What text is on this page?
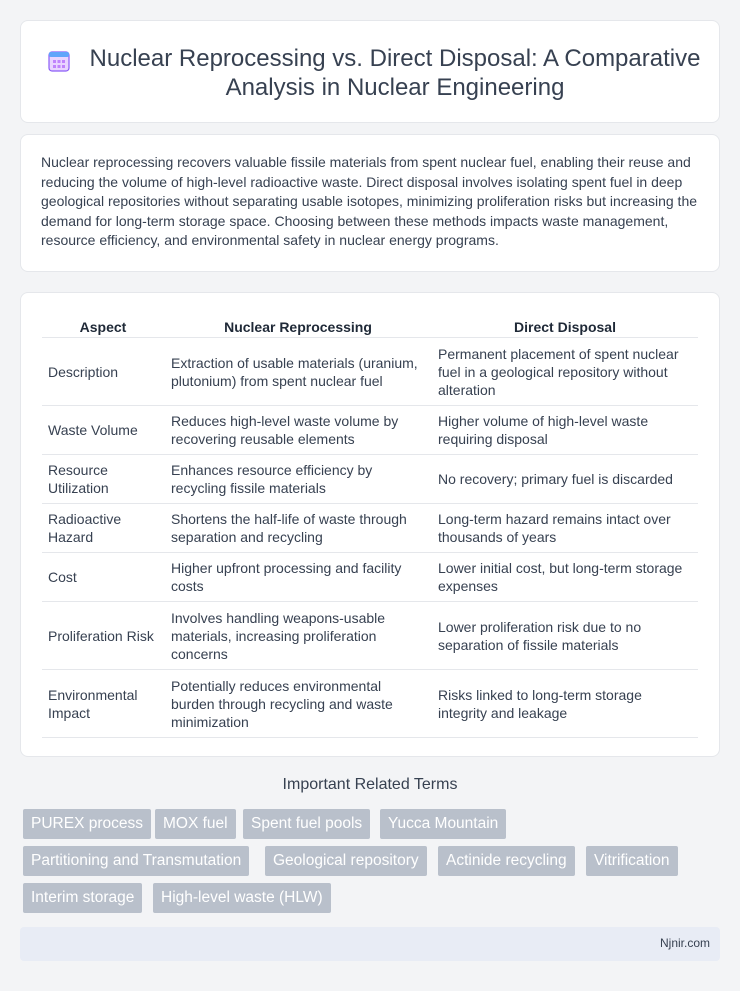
Nuclear Reprocessing vs. Direct Disposal: A Comparative Analysis in Nuclear Engineering

Nuclear reprocessing recovers valuable fissile materials from spent nuclear fuel, enabling their reuse and reducing the volume of high-level radioactive waste. Direct disposal involves isolating spent fuel in deep geological repositories without separating usable isotopes, minimizing proliferation risks but increasing the demand for long-term storage space. Choosing between these methods impacts waste management, resource efficiency, and environmental safety in nuclear energy programs.

Aspect	Nuclear Reprocessing	Direct Disposal
Description	Extraction of usable materials (uranium, plutonium) from spent nuclear fuel	Permanent placement of spent nuclear fuel in a geological repository without alteration
Waste Volume	Reduces high-level waste volume by recovering reusable elements	Higher volume of high-level waste requiring disposal
Resource Utilization	Enhances resource efficiency by recycling fissile materials	No recovery; primary fuel is discarded
Radioactive Hazard	Shortens the half-life of waste through separation and recycling	Long-term hazard remains intact over thousands of years
Cost	Higher upfront processing and facility costs	Lower initial cost, but long-term storage expenses
Proliferation Risk	Involves handling weapons-usable materials, increasing proliferation concerns	Lower proliferation risk due to no separation of fissile materials
Environmental Impact	Potentially reduces environmental burden through recycling and waste minimization	Risks linked to long-term storage integrity and leakage
Important Related Terms
PUREX process	MOX fuel	Spent fuel pools	Yucca Mountain
Partitioning and Transmutation	Geological repository	Actinide recycling	Vitrification
Interim storage	High-level waste (HLW)
Njnir.com
